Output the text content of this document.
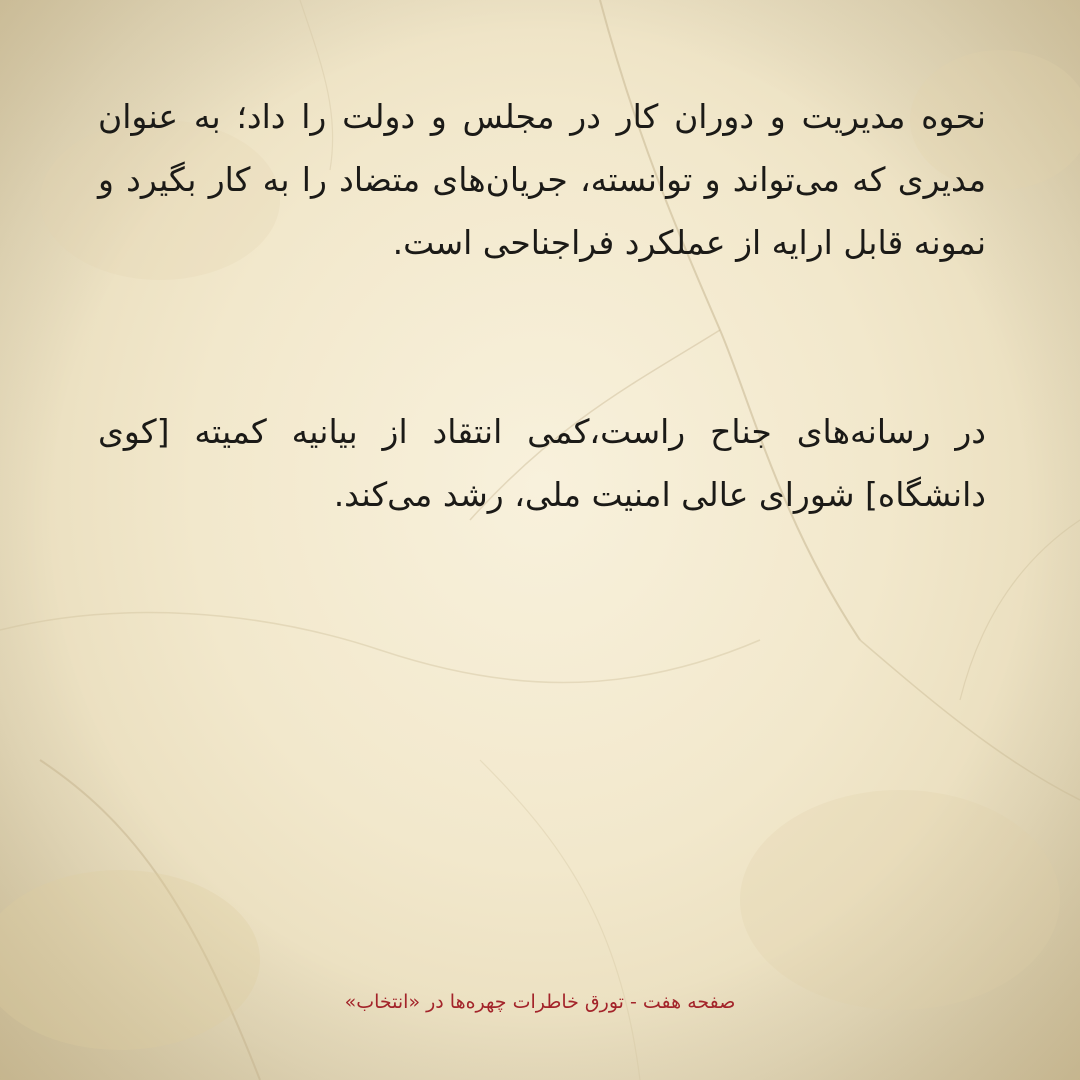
نحوه مدیریت و دوران کار در مجلس و دولت را داد؛ به عنوان مدیری که می‌تواند و توانسته، جریان‌های متضاد را به کار بگیرد و نمونه قابل ارایه از عملکرد فراجناحی است.

در رسانه‌های جناح راست،کمی انتقاد از بیانیه کمیته [کوی دانشگاه] شورای عالی امنیت ملی، رشد می‌کند.

صفحه هفت - تورق خاطرات چهره‌ها در «انتخاب»
